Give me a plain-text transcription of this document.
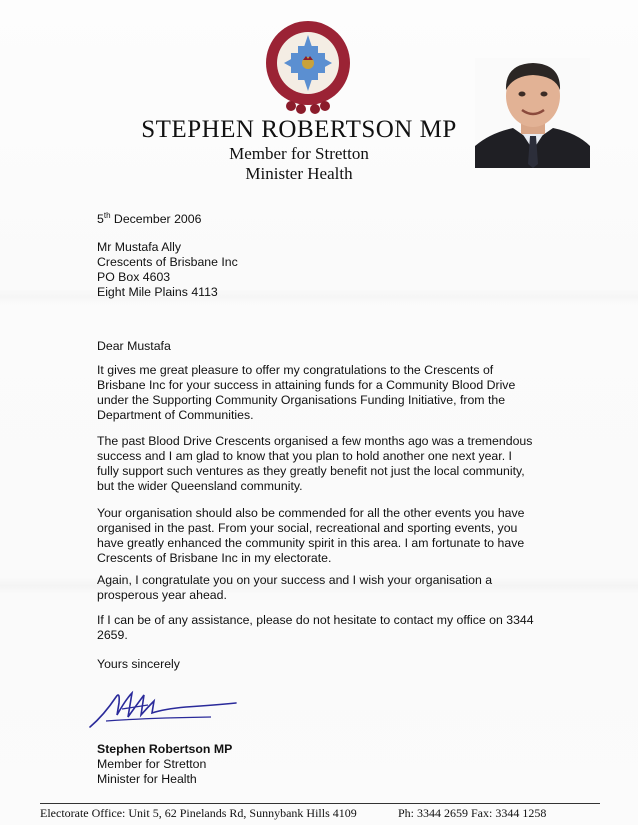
STEPHEN ROBERTSON MP
Member for Stretton
Minister Health
5th December 2006
Mr Mustafa Ally
Crescents of Brisbane Inc
PO Box 4603
Eight Mile Plains 4113
Dear Mustafa

It gives me great pleasure to offer my congratulations to the Crescents of Brisbane Inc for your success in attaining funds for a Community Blood Drive under the Supporting Community Organisations Funding Initiative, from the Department of Communities.

The past Blood Drive Crescents organised a few months ago was a tremendous success and I am glad to know that you plan to hold another one next year. I fully support such ventures as they greatly benefit not just the local community, but the wider Queensland community.

Your organisation should also be commended for all the other events you have organised in the past. From your social, recreational and sporting events, you have greatly enhanced the community spirit in this area. I am fortunate to have Crescents of Brisbane Inc in my electorate.

Again, I congratulate you on your success and I wish your organisation a prosperous year ahead.

If I can be of any assistance, please do not hesitate to contact my office on 3344 2659.

Yours sincerely
Stephen Robertson MP
Member for Stretton
Minister for Health
Electorate Office: Unit 5, 62 Pinelands Rd, Sunnybank Hills 4109	Ph: 3344 2659 Fax: 3344 1258
